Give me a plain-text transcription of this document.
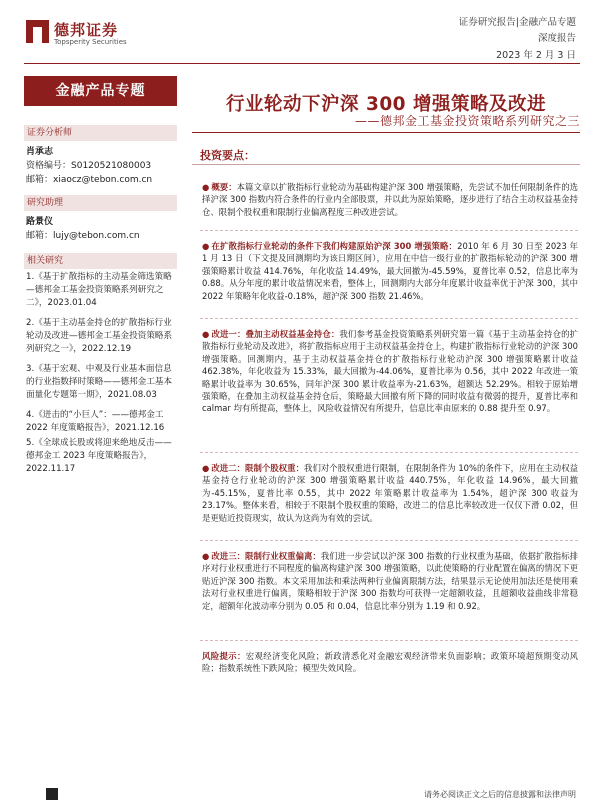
德邦证券
Topsperity Securities
证券研究报告|金融产品专题
深度报告
2023 年 2 月 3 日
金融产品专题
证券分析师
肖承志
资格编号：S0120521080003
邮箱：xiaocz@tebon.com.cn
研究助理
路景仪
邮箱：lujy@tebon.com.cn
相关研究
1.《基于扩散指标的主动基金筛选策略—德邦金工基金投资策略系列研究之二》，2023.01.04
2.《基于主动基金持仓的扩散指标行业轮动及改进—德邦金工基金投资策略系列研究之一》，2022.12.19
3.《基于宏观、中观及行业基本面信息的行业指数择时策略——德邦金工基本面量化专题第一期》，2021.08.03
4.《迸击的“小巨人”：——德邦金工 2022 年度策略报告》，2021.12.16
5.《全球成长股或将迎来绝地反击——德邦金工 2023 年度策略报告》，2022.11.17
行业轮动下沪深 300 增强策略及改进
——德邦金工基金投资策略系列研究之三
投资要点：
● 概要：本篇文章以扩散指标行业轮动为基础构建沪深 300 增强策略，先尝试不加任何限制条件的选择沪深 300 指数内符合条件的行业内全部股票，并以此为原始策略，逐步进行了结合主动权益基金持仓、限制个股权重和限制行业偏离程度三种改进尝试。
● 在扩散指标行业轮动的条件下我们构建原始沪深 300 增强策略：2010 年 6 月 30 日至 2023 年 1 月 13 日（下文提及回测期均为该日期区间），应用在中信一级行业的扩散指标轮动的沪深 300 增强策略累计收益 414.76%，年化收益 14.49%，最大回撤为-45.59%，夏普比率 0.52，信息比率为 0.88。从分年度的累计收益情况来看，整体上，回测期内大部分年度累计收益率优于沪深 300，其中 2022 年策略年化收益-0.18%，超沪深 300 指数 21.46%。
● 改进一：叠加主动权益基金持仓：我们参考基金投资策略系列研究第一篇《基于主动基金持仓的扩散指标行业轮动及改进》，将扩散指标应用于主动权益基金持仓上，构建扩散指标行业轮动的沪深 300 增强策略。回测期内，基于主动权益基金持仓的扩散指标行业轮动沪深 300 增强策略累计收益 462.38%，年化收益为 15.33%，最大回撤为-44.06%，夏普比率为 0.56，其中 2022 年改进一策略累计收益率为 30.65%，同年沪深 300 累计收益率为-21.63%，超额达 52.29%。相较于原始增强策略，在叠加主动权益基金持仓后，策略最大回撤有所下降的同时收益有微弱的提升，夏普比率和 calmar 均有所提高，整体上，风险收益情况有所提升，信息比率由原来的 0.88 提升至 0.97。
● 改进二：限制个股权重：我们对个股权重进行限制，在限制条件为 10%的条件下，应用在主动权益基金持仓行业轮动的沪深 300 增强策略累计收益 440.75%，年化收益 14.96%，最大回撤为-45.15%，夏普比率 0.55，其中 2022 年策略累计收益率为 1.54%，超沪深 300 收益为 23.17%。整体来看，相较于不限制个股权重的策略，改进二的信息比率较改进一仅仅下滑 0.02，但是更贴近投资现实，故认为这尚为有效的尝试。
● 改进三：限制行业权重偏离：我们进一步尝试以沪深 300 指数的行业权重为基础，依据扩散指标排序对行业权重进行不同程度的偏离构建沪深 300 增强策略，以此使策略的行业配置在偏离的情况下更贴近沪深 300 指数。本文采用加法和乘法两种行业偏离限制方法，结果显示无论使用加法还是使用乘法对行业权重进行偏离，策略相较于沪深 300 指数均可获得一定超额收益，且超额收益曲线非常稳定，超额年化波动率分别为 0.05 和 0.04，信息比率分别为 1.19 和 0.92。
风险提示：宏观经济变化风险；新政清悉化对金融宏观经济带来负面影响；政策环境超预期变动风险；指数系统性下跌风险；模型失效风险。
请务必阅读正文之后的信息披露和法律声明
